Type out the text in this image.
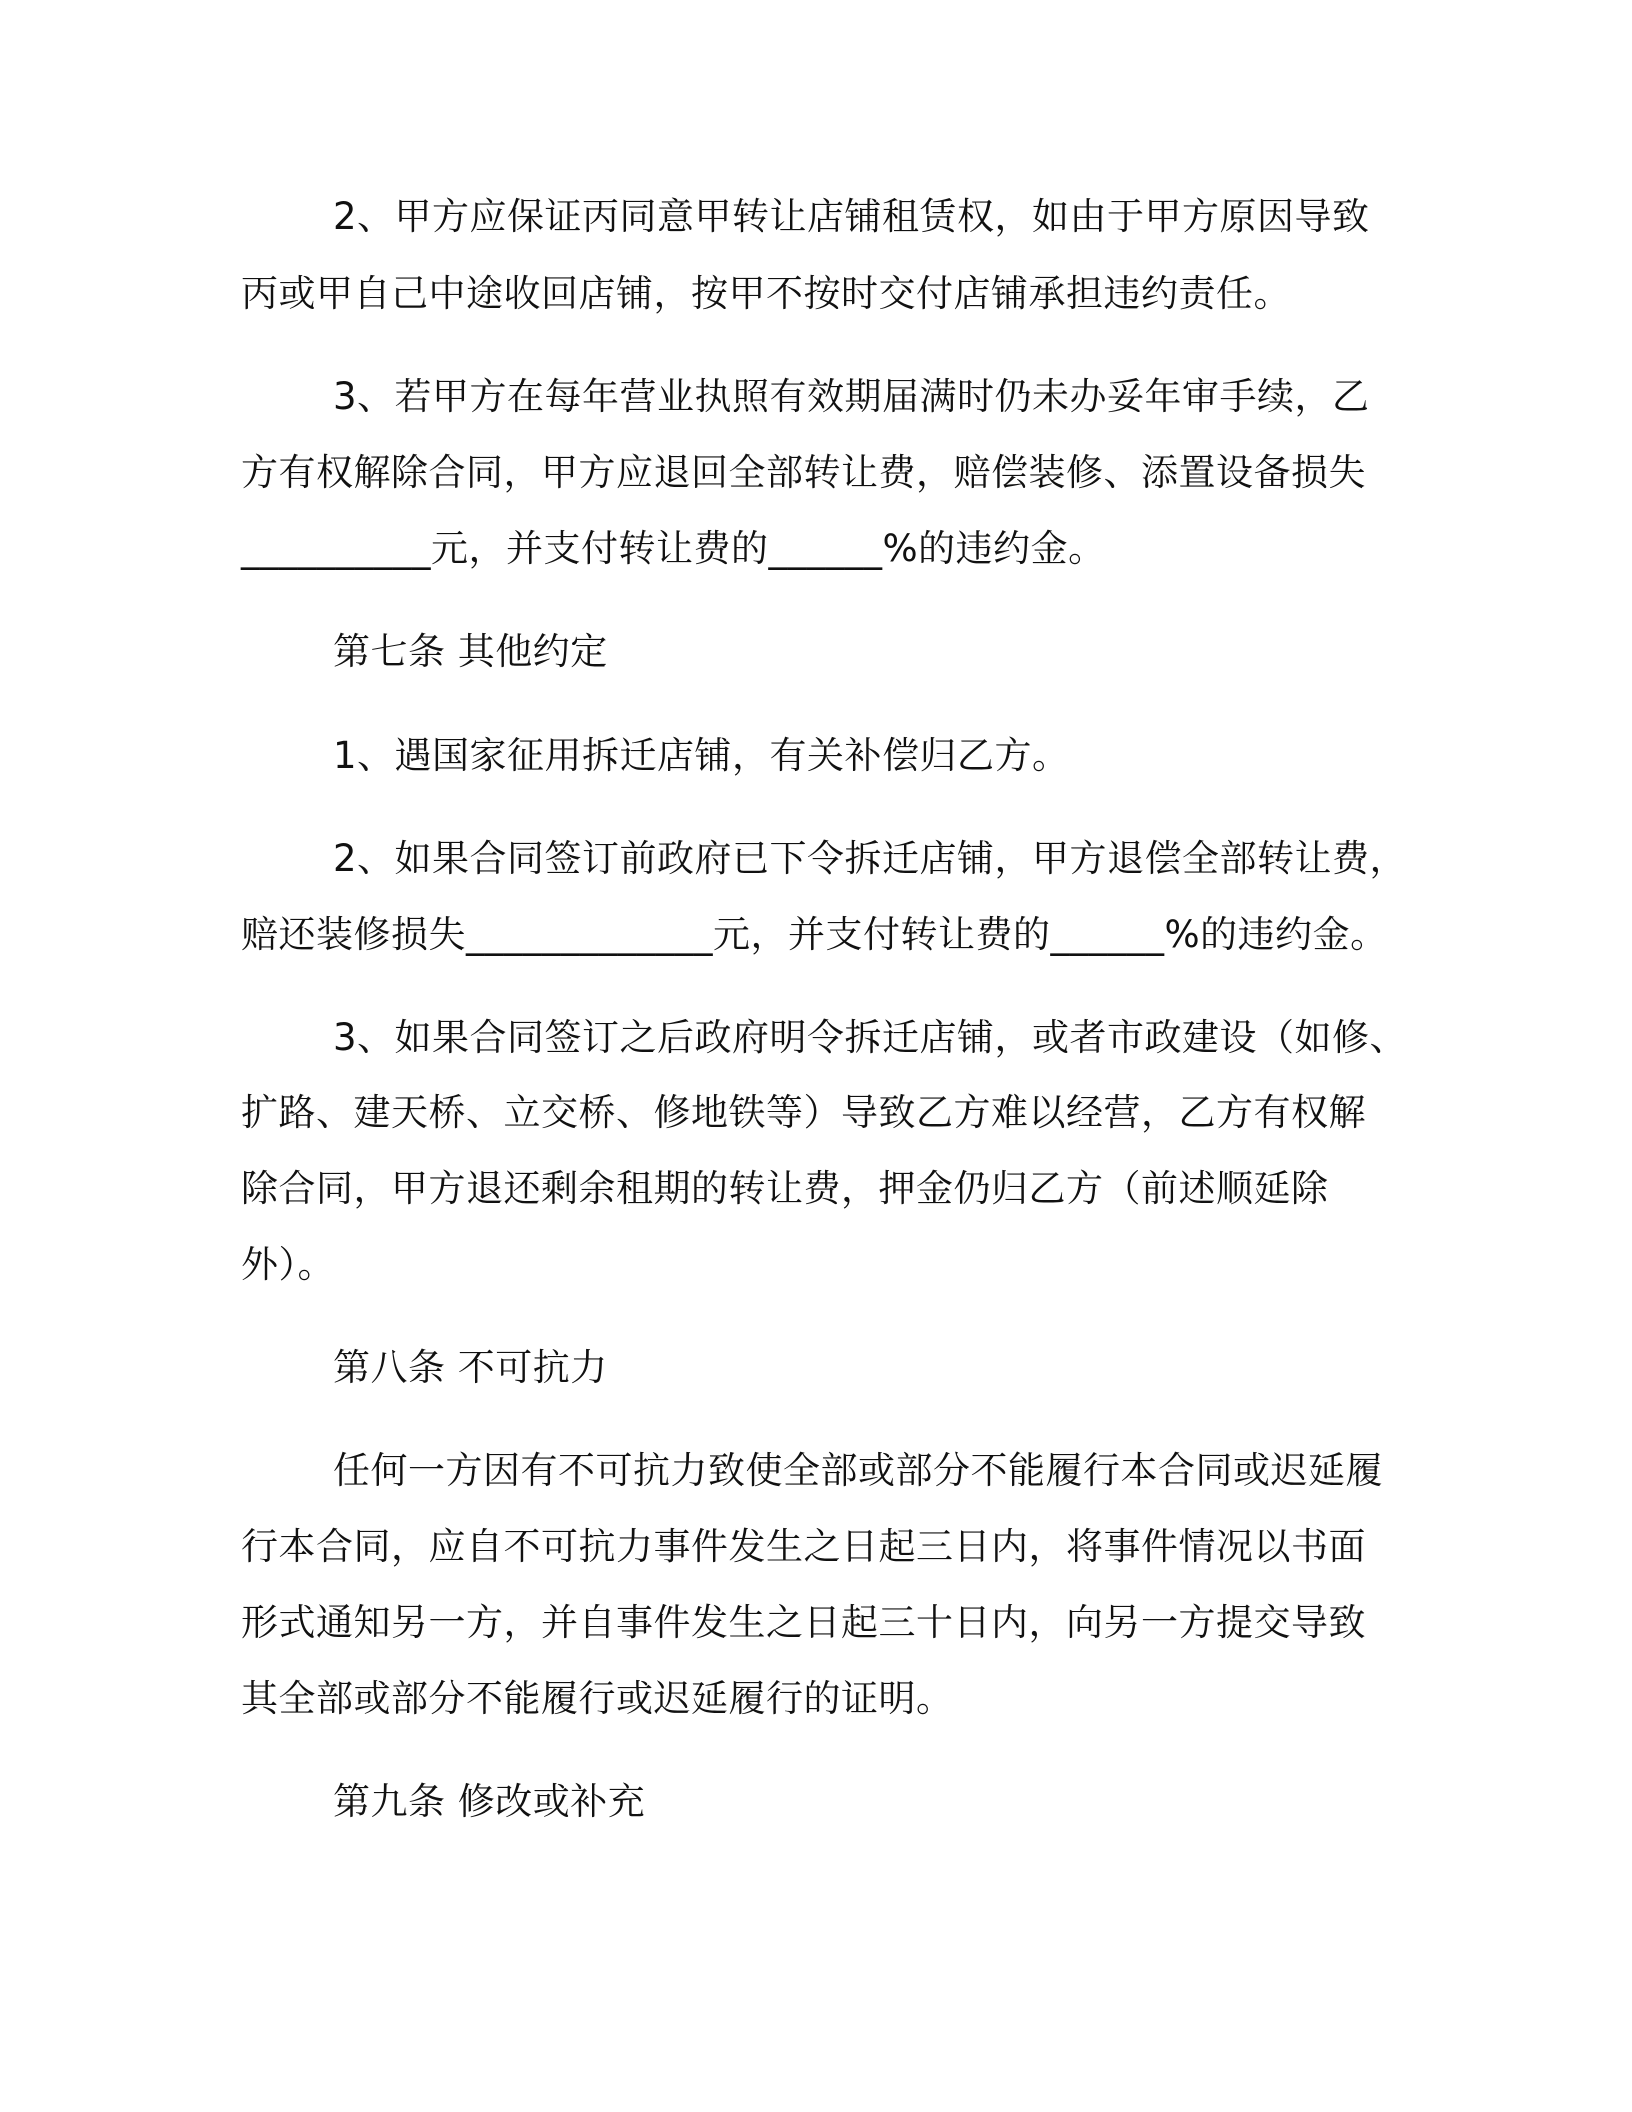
2、甲方应保证丙同意甲转让店铺租赁权，如由于甲方原因导致
丙或甲自己中途收回店铺，按甲不按时交付店铺承担违约责任。
3、若甲方在每年营业执照有效期届满时仍未办妥年审手续，乙
方有权解除合同，甲方应退回全部转让费，赔偿装修、添置设备损失
__________元，并支付转让费的______%的违约金。
第七条 其他约定
1、遇国家征用拆迁店铺，有关补偿归乙方。
2、如果合同签订前政府已下令拆迁店铺，甲方退偿全部转让费，
赔还装修损失_____________元，并支付转让费的______%的违约金。
3、如果合同签订之后政府明令拆迁店铺，或者市政建设（如修、
扩路、建天桥、立交桥、修地铁等）导致乙方难以经营，乙方有权解
除合同，甲方退还剩余租期的转让费，押金仍归乙方（前述顺延除
外）。
第八条 不可抗力
任何一方因有不可抗力致使全部或部分不能履行本合同或迟延履
行本合同，应自不可抗力事件发生之日起三日内，将事件情况以书面
形式通知另一方，并自事件发生之日起三十日内，向另一方提交导致
其全部或部分不能履行或迟延履行的证明。
第九条 修改或补充
